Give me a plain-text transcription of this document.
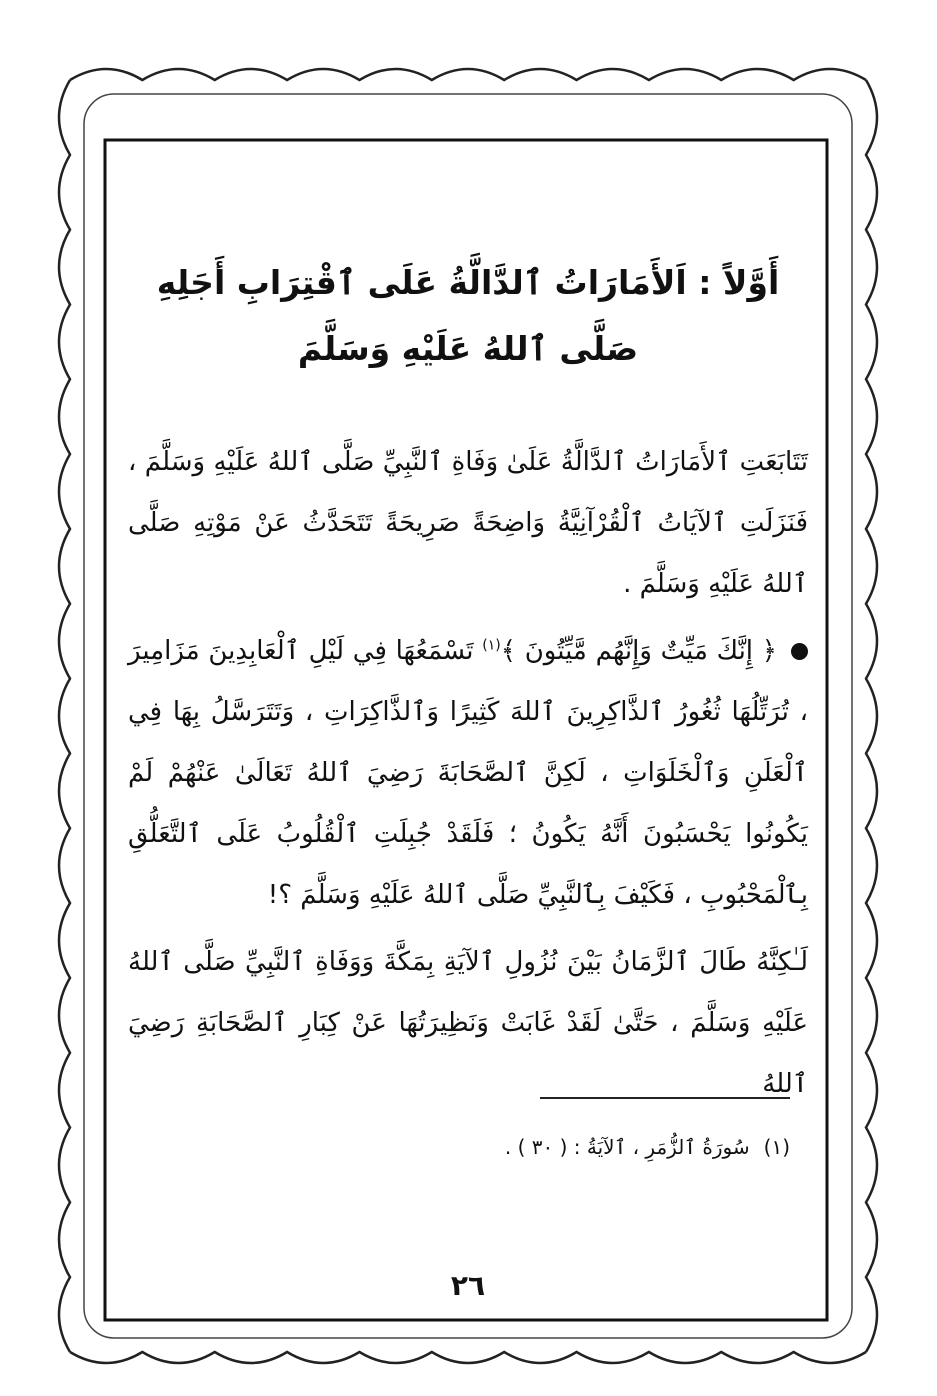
أَوَّلاً : اَلأَمَارَاتُ ٱلدَّالَّةُ عَلَى ٱقْتِرَابِ أَجَلِهِ
صَلَّى ٱللهُ عَلَيْهِ وَسَلَّمَ

تَتَابَعَتِ ٱلأَمَارَاتُ ٱلدَّالَّةُ عَلَىٰ وَفَاةِ ٱلنَّبِيِّ صَلَّى ٱللهُ عَلَيْهِ وَسَلَّمَ ، فَنَزَلَتِ ٱلآيَاتُ ٱلْقُرْآنِيَّةُ وَاضِحَةً صَرِيحَةً تَتَحَدَّثُ عَنْ مَوْتِهِ صَلَّى ٱللهُ عَلَيْهِ وَسَلَّمَ .

﴿ إِنَّكَ مَيِّتٌ وَإِنَّهُم مَّيِّتُونَ ﴾$^{(١)}$ تَسْمَعُهَا فِي لَيْلِ ٱلْعَابِدِينَ مَزَامِيرَ ، تُرَتِّلُهَا ثُغُورُ ٱلذَّاكِرِينَ ٱللهَ كَثِيرًا وَٱلذَّاكِرَاتِ ، وَتَتَرَسَّلُ بِهَا فِي ٱلْعَلَنِ وَٱلْخَلَوَاتِ ، لَكِنَّ ٱلصَّحَابَةَ رَضِيَ ٱللهُ تَعَالَىٰ عَنْهُمْ لَمْ يَكُونُوا يَحْسَبُونَ أَنَّهُ يَكُونُ ؛ فَلَقَدْ جُبِلَتِ ٱلْقُلُوبُ عَلَى ٱلتَّعَلُّقِ بِٱلْمَحْبُوبِ ، فَكَيْفَ بِٱلنَّبِيِّ صَلَّى ٱللهُ عَلَيْهِ وَسَلَّمَ ؟!

لَـٰكِنَّهُ طَالَ ٱلزَّمَانُ بَيْنَ نُزُولِ ٱلآيَةِ بِمَكَّةَ وَوَفَاةِ ٱلنَّبِيِّ صَلَّى ٱللهُ عَلَيْهِ وَسَلَّمَ ، حَتَّىٰ لَقَدْ غَابَتْ وَنَظِيرَتُهَا عَنْ كِبَارِ ٱلصَّحَابَةِ رَضِيَ ٱللهُ

(١)سُورَةُ ٱلزُّمَرِ ، ٱلآيَةُ : ( ٣٠ ) .
٢٦
